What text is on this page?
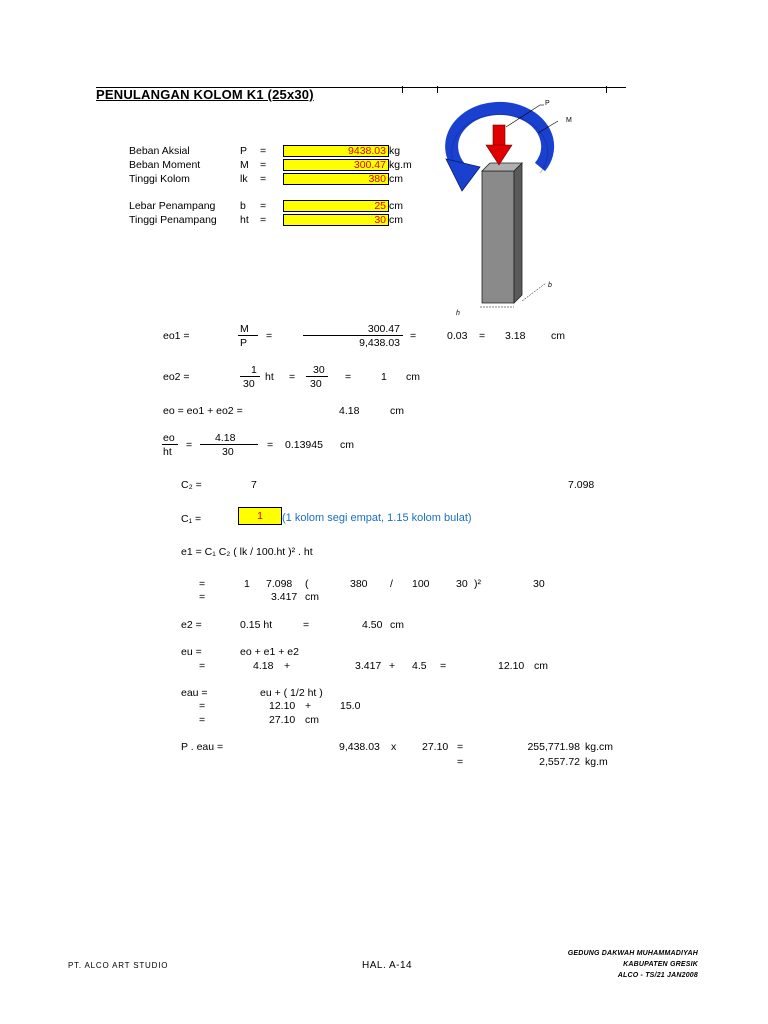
PENULANGAN KOLOM K1 (25x30)
Beban Aksial	P =	9438.03 kg
Beban Moment	M =	300.47 kg.m
Tinggi Kolom	lk =	380 cm
Lebar Penampang b =	25 cm
Tinggi Penampang ht =	30 cm
P
M
b
h
eo1 =
M
P
=
300.47
9,438.03
=	0.03 = 3.18 cm
eo2 =
1
30
ht =
30
30
=	1 cm
eo = eo1 + eo2 =	4.18	cm
eo
ht
=
4.18
30
= 0.13945 cm
C₂ =	7	7.098
C₁ =	1	(1 kolom segi empat, 1.15 kolom bulat)
e1 = C₁ C₂ ( lk / 100.ht )² . ht
=	1 7.098 (	380 / 100	30 )²	30
=	3.417 cm
e2 =	0.15 ht	=	4.50 cm
eu =	eo + e1 + e2
=	4.18 +	3.417 + 4.5 =	12.10 cm
eau =	eu + ( 1/2 ht )
=	12.10 +	15.0
=	27.10 cm
P . eau =	9,438.03 x 27.10 =	255,771.98 kg.cm
=	2,557.72 kg.m
PT. ALCO ART STUDIO	HAL. A-14
GEDUNG DAKWAH MUHAMMADIYAH
KABUPATEN GRESIK
ALCO - TS/21 JAN2008
